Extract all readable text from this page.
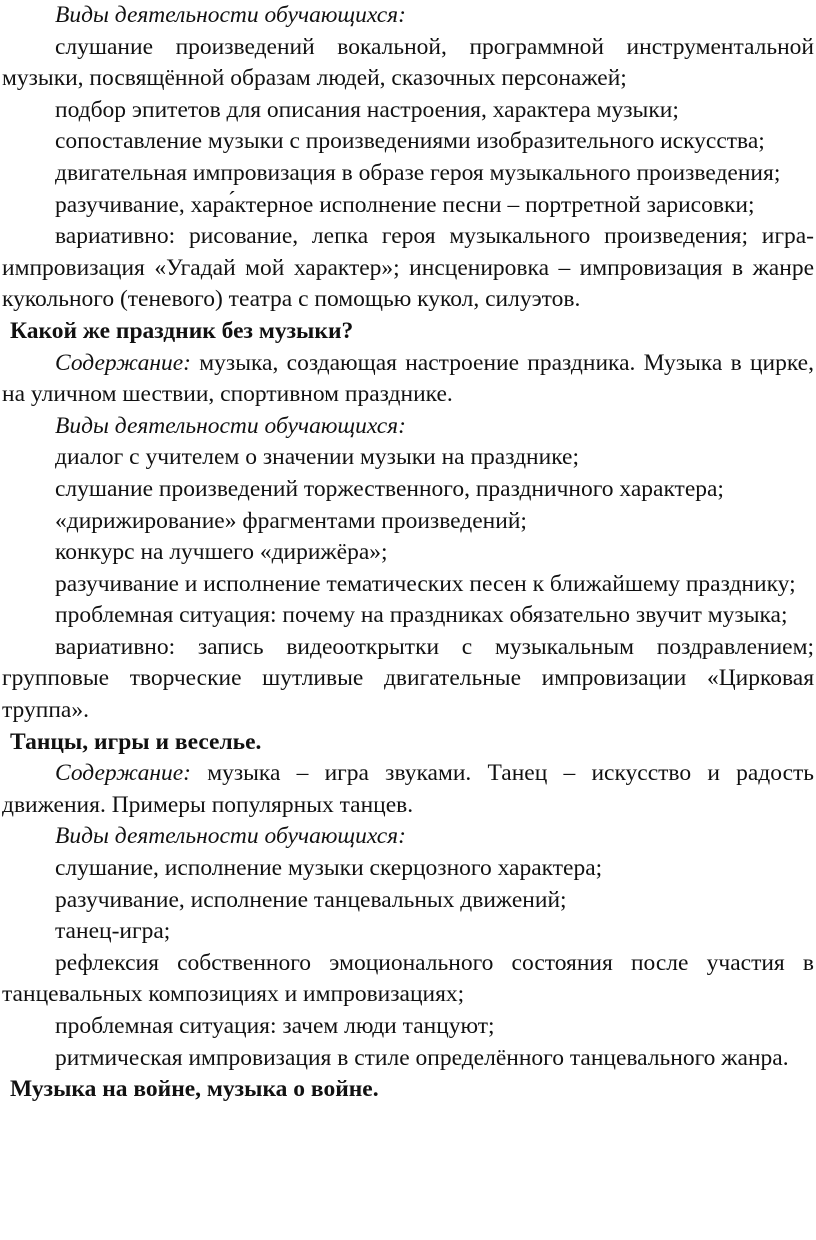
Виды деятельности обучающихся:

слушание произведений вокальной, программной инструментальной музыки, посвящённой образам людей, сказочных персонажей;

подбор эпитетов для описания настроения, характера музыки;

сопоставление музыки с произведениями изобразительного искусства;

двигательная импровизация в образе героя музыкального произведения;

разучивание, хара́ктерное исполнение песни – портретной зарисовки;

вариативно: рисование, лепка героя музыкального произведения; игра-импровизация «Угадай мой характер»; инсценировка – импровизация в жанре кукольного (теневого) театра с помощью кукол, силуэтов.

Какой же праздник без музыки?

Содержание: музыка, создающая настроение праздника. Музыка в цирке, на уличном шествии, спортивном празднике.

Виды деятельности обучающихся:

диалог с учителем о значении музыки на празднике;

слушание произведений торжественного, праздничного характера;

«дирижирование» фрагментами произведений;

конкурс на лучшего «дирижёра»;

разучивание и исполнение тематических песен к ближайшему празднику;

проблемная ситуация: почему на праздниках обязательно звучит музыка;

вариативно: запись видеооткрытки с музыкальным поздравлением; групповые творческие шутливые двигательные импровизации «Цирковая труппа».

Танцы, игры и веселье.

Содержание: музыка – игра звуками. Танец – искусство и радость движения. Примеры популярных танцев.

Виды деятельности обучающихся:

слушание, исполнение музыки скерцозного характера;

разучивание, исполнение танцевальных движений;

танец-игра;

рефлексия собственного эмоционального состояния после участия в танцевальных композициях и импровизациях;

проблемная ситуация: зачем люди танцуют;

ритмическая импровизация в стиле определённого танцевального жанра.

Музыка на войне, музыка о войне.
